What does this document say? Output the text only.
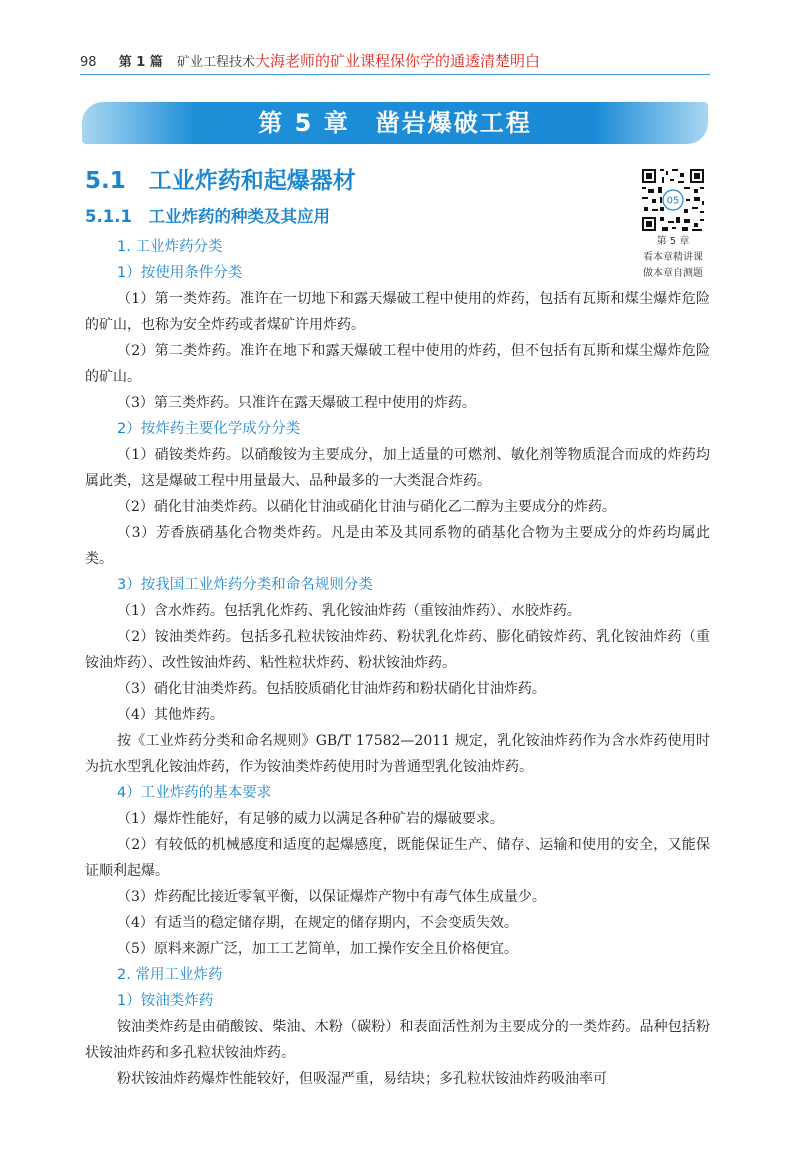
98 第 1 篇 矿业工程技术大海老师的矿业课程保你学的通透清楚明白
第 5 章　凿岩爆破工程
5.1　工业炸药和起爆器材
5.1.1　工业炸药的种类及其应用
05
第 5 章
看本章精讲课
做本章自测题
1. 工业炸药分类
1）按使用条件分类
（1）第一类炸药。准许在一切地下和露天爆破工程中使用的炸药，包括有瓦斯和煤尘爆炸危险的矿山，也称为安全炸药或者煤矿许用炸药。
（2）第二类炸药。准许在地下和露天爆破工程中使用的炸药，但不包括有瓦斯和煤尘爆炸危险的矿山。
（3）第三类炸药。只准许在露天爆破工程中使用的炸药。
2）按炸药主要化学成分分类
（1）硝铵类炸药。以硝酸铵为主要成分，加上适量的可燃剂、敏化剂等物质混合而成的炸药均属此类，这是爆破工程中用量最大、品种最多的一大类混合炸药。
（2）硝化甘油类炸药。以硝化甘油或硝化甘油与硝化乙二醇为主要成分的炸药。
（3）芳香族硝基化合物类炸药。凡是由苯及其同系物的硝基化合物为主要成分的炸药均属此类。
3）按我国工业炸药分类和命名规则分类
（1）含水炸药。包括乳化炸药、乳化铵油炸药（重铵油炸药）、水胶炸药。
（2）铵油类炸药。包括多孔粒状铵油炸药、粉状乳化炸药、膨化硝铵炸药、乳化铵油炸药（重铵油炸药）、改性铵油炸药、粘性粒状炸药、粉状铵油炸药。
（3）硝化甘油类炸药。包括胶质硝化甘油炸药和粉状硝化甘油炸药。
（4）其他炸药。
按《工业炸药分类和命名规则》GB/T 17582—2011 规定，乳化铵油炸药作为含水炸药使用时为抗水型乳化铵油炸药，作为铵油类炸药使用时为普通型乳化铵油炸药。
4）工业炸药的基本要求
（1）爆炸性能好，有足够的威力以满足各种矿岩的爆破要求。
（2）有较低的机械感度和适度的起爆感度，既能保证生产、储存、运输和使用的安全，又能保证顺利起爆。
（3）炸药配比接近零氧平衡，以保证爆炸产物中有毒气体生成量少。
（4）有适当的稳定储存期，在规定的储存期内，不会变质失效。
（5）原料来源广泛，加工工艺简单，加工操作安全且价格便宜。
2. 常用工业炸药
1）铵油类炸药
铵油类炸药是由硝酸铵、柴油、木粉（碳粉）和表面活性剂为主要成分的一类炸药。品种包括粉状铵油炸药和多孔粒状铵油炸药。
粉状铵油炸药爆炸性能较好，但吸湿严重，易结块；多孔粒状铵油炸药吸油率可
